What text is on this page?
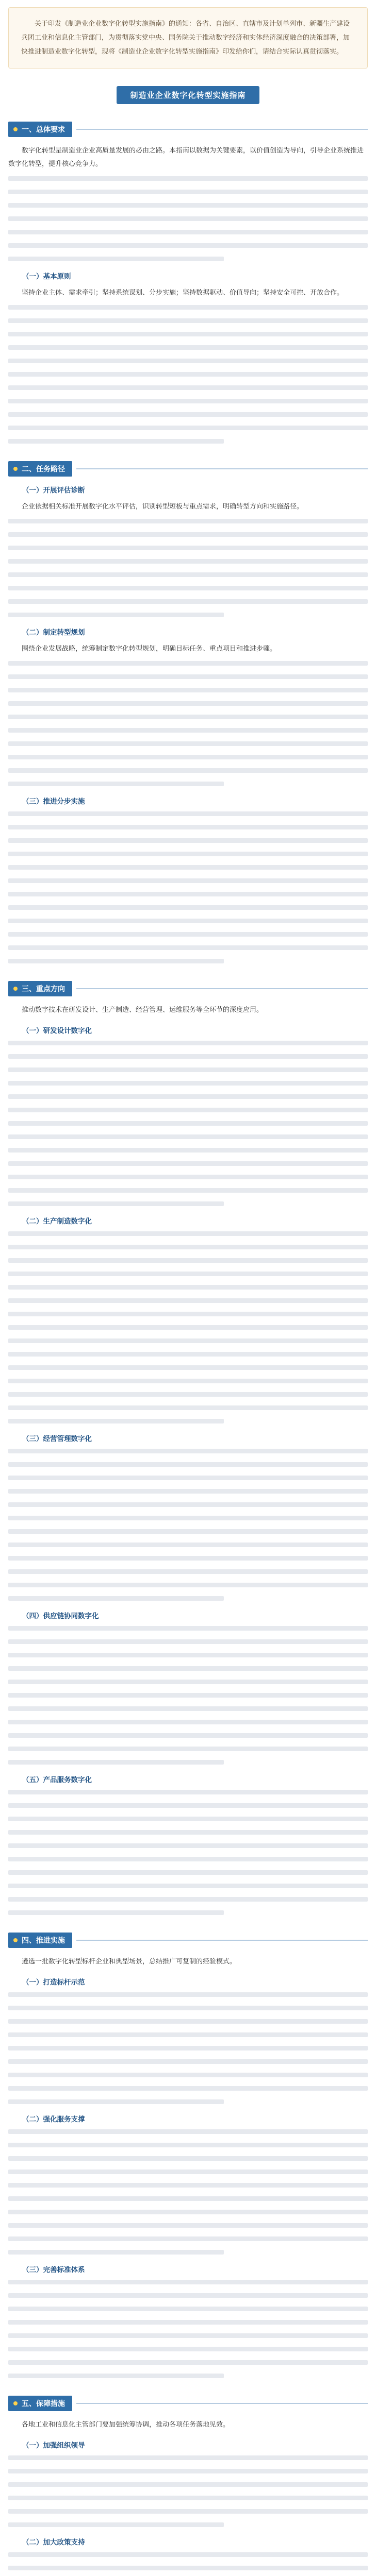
关于印发《制造业企业数字化转型实施指南》的通知：各省、自治区、直辖市及计划单列市、新疆生产建设兵团工业和信息化主管部门，为贯彻落实党中央、国务院关于推动数字经济和实体经济深度融合的决策部署，加快推进制造业数字化转型，现将《制造业企业数字化转型实施指南》印发给你们，请结合实际认真贯彻落实。

制造业企业数字化转型实施指南
一、总体要求

数字化转型是制造业企业高质量发展的必由之路。本指南以数据为关键要素，以价值创造为导向，引导企业系统推进数字化转型，提升核心竞争力。

（一）基本原则

坚持企业主体、需求牵引；坚持系统谋划、分步实施；坚持数据驱动、价值导向；坚持安全可控、开放合作。

二、任务路径
（一）开展评估诊断

企业依据相关标准开展数字化水平评估，识别转型短板与重点需求，明确转型方向和实施路径。

（二）制定转型规划

围绕企业发展战略，统筹制定数字化转型规划，明确目标任务、重点项目和推进步骤。

（三）推进分步实施
三、重点方向

推动数字技术在研发设计、生产制造、经营管理、运维服务等全环节的深度应用。

（一）研发设计数字化
（二）生产制造数字化
（三）经营管理数字化
（四）供应链协同数字化
（五）产品服务数字化
四、推进实施

遴选一批数字化转型标杆企业和典型场景，总结推广可复制的经验模式。

（一）打造标杆示范
（二）强化服务支撑
（三）完善标准体系
五、保障措施

各地工业和信息化主管部门要加强统筹协调，推动各项任务落地见效。

（一）加强组织领导
（二）加大政策支持
